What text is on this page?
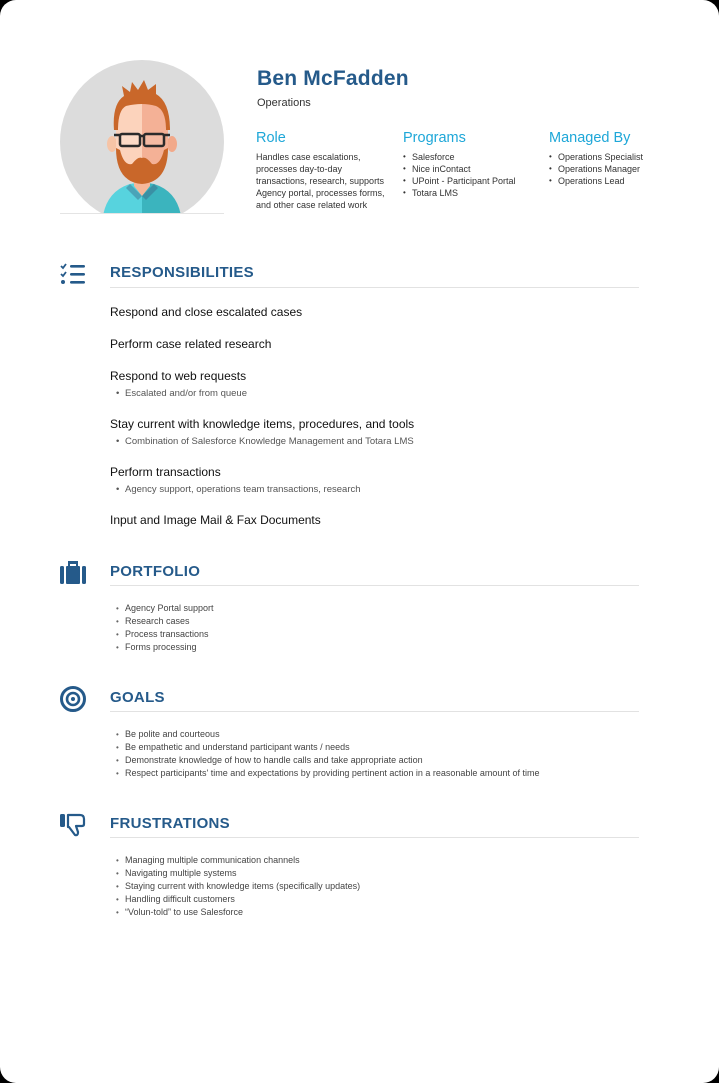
Ben McFadden
Operations
Role
Handles case escalations, processes day-to-day transactions, research, supports Agency portal, processes forms, and other case related work
Programs
• Salesforce
• Nice inContact
• UPoint - Participant Portal
• Totara LMS
Managed By
• Operations Specialist
• Operations Manager
• Operations Lead
RESPONSIBILITIES
Respond and close escalated cases
Perform case related research
Respond to web requests
• Escalated and/or from queue
Stay current with knowledge items, procedures, and tools
• Combination of Salesforce Knowledge Management and Totara LMS
Perform transactions
• Agency support, operations team transactions, research
Input and Image Mail & Fax Documents
PORTFOLIO
• Agency Portal support
• Research cases
• Process transactions
• Forms processing
GOALS
• Be polite and courteous
• Be empathetic and understand participant wants / needs
• Demonstrate knowledge of how to handle calls and take appropriate action
• Respect participants' time and expectations by providing pertinent action in a reasonable amount of time
FRUSTRATIONS
• Managing multiple communication channels
• Navigating multiple systems
• Staying current with knowledge items (specifically updates)
• Handling difficult customers
• “Volun-told” to use Salesforce
